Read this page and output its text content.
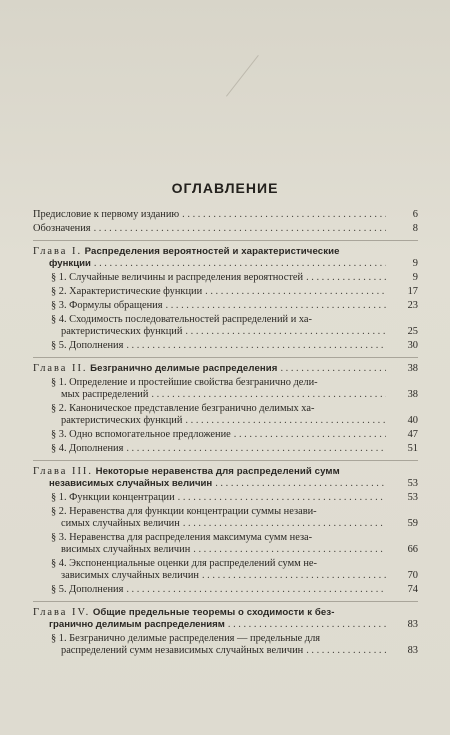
ОГЛАВЛЕНИЕ
Предисловие к первому изданию . . .	6
Обозначения . . .	8
Глава I. Распределения вероятностей и характеристические
функции . . .	9
§ 1. Случайные величины и распределения вероятностей . . .	9
§ 2. Характеристические функции . . .	17
§ 3. Формулы обращения . . .	23
§ 4. Сходимость последовательностей распределений и ха-
рактеристических функций . . .	25
§ 5. Дополнения . . .	30
Глава II. Безгранично делимые распределения . . .	38
§ 1. Определение и простейшие свойства безгранично дели-
мых распределений . . .	38
§ 2. Каноническое представление безгранично делимых ха-
рактеристических функций . . .	40
§ 3. Одно вспомогательное предложение . . .	47
§ 4. Дополнения . . .	51
Глава III. Некоторые неравенства для распределений сумм
независимых случайных величин . . .	53
§ 1. Функции концентрации . . .	53
§ 2. Неравенства для функции концентрации суммы незави-
симых случайных величин . . .	59
§ 3. Неравенства для распределения максимума сумм неза-
висимых случайных величин . . .	66
§ 4. Экспоненциальные оценки для распределений сумм не-
зависимых случайных величин . . .	70
§ 5. Дополнения . . .	74
Глава IV. Общие предельные теоремы о сходимости к без-
гранично делимым распределениям . . .	83
§ 1. Безгранично делимые распределения — предельные для
распределений сумм независимых случайных величин . . .	83
